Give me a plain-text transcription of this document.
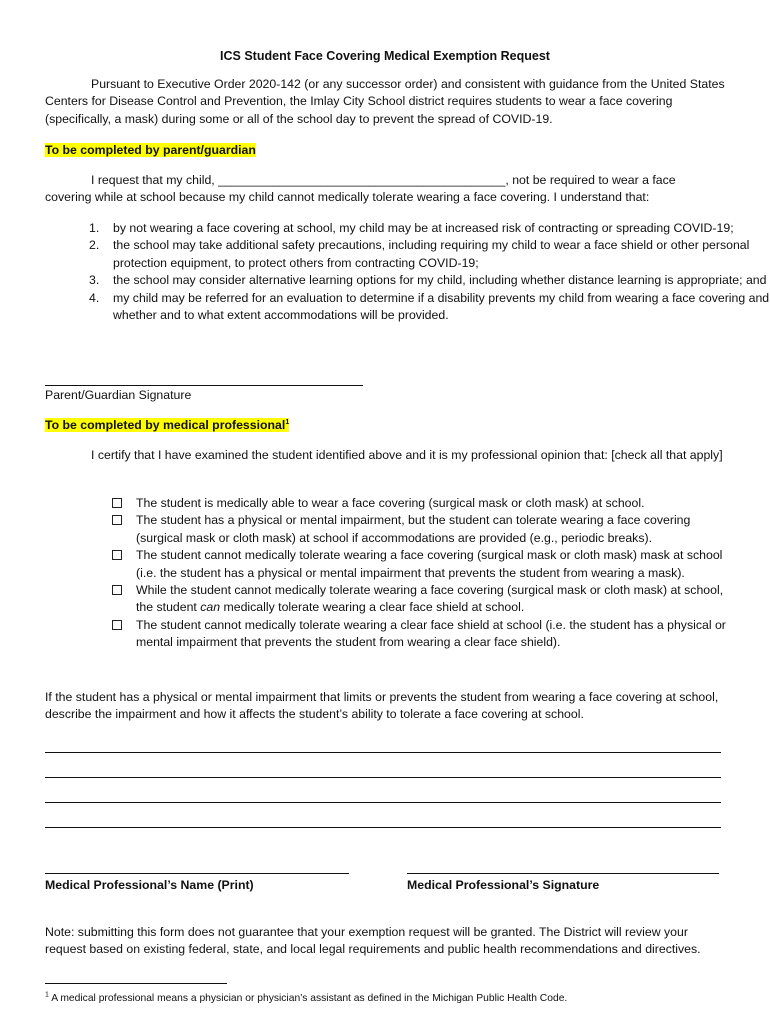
ICS Student Face Covering Medical Exemption Request
Pursuant to Executive Order 2020-142 (or any successor order) and consistent with guidance from the United States Centers for Disease Control and Prevention, the Imlay City School district requires students to wear a face covering (specifically, a mask) during some or all of the school day to prevent the spread of COVID-19.
To be completed by parent/guardian
I request that my child, __________________________________________, not be required to wear a face covering while at school because my child cannot medically tolerate wearing a face covering. I understand that:
1. by not wearing a face covering at school, my child may be at increased risk of contracting or spreading COVID-19;
2. the school may take additional safety precautions, including requiring my child to wear a face shield or other personal protection equipment, to protect others from contracting COVID-19;
3. the school may consider alternative learning options for my child, including whether distance learning is appropriate; and
4. my child may be referred for an evaluation to determine if a disability prevents my child from wearing a face covering and whether and to what extent accommodations will be provided.
Parent/Guardian Signature
To be completed by medical professional$^1$
I certify that I have examined the student identified above and it is my professional opinion that: [check all that apply]
The student is medically able to wear a face covering (surgical mask or cloth mask) at school.
The student has a physical or mental impairment, but the student can tolerate wearing a face covering (surgical mask or cloth mask) at school if accommodations are provided (e.g., periodic breaks).
The student cannot medically tolerate wearing a face covering (surgical mask or cloth mask) mask at school (i.e. the student has a physical or mental impairment that prevents the student from wearing a mask).
While the student cannot medically tolerate wearing a face covering (surgical mask or cloth mask) at school, the student can medically tolerate wearing a clear face shield at school.
The student cannot medically tolerate wearing a clear face shield at school (i.e. the student has a physical or mental impairment that prevents the student from wearing a clear face shield).
If the student has a physical or mental impairment that limits or prevents the student from wearing a face covering at school, describe the impairment and how it affects the student’s ability to tolerate a face covering at school.
Medical Professional’s Name (Print)	Medical Professional’s Signature
Note: submitting this form does not guarantee that your exemption request will be granted. The District will review your request based on existing federal, state, and local legal requirements and public health recommendations and directives.
$^1$ A medical professional means a physician or physician’s assistant as defined in the Michigan Public Health Code.
